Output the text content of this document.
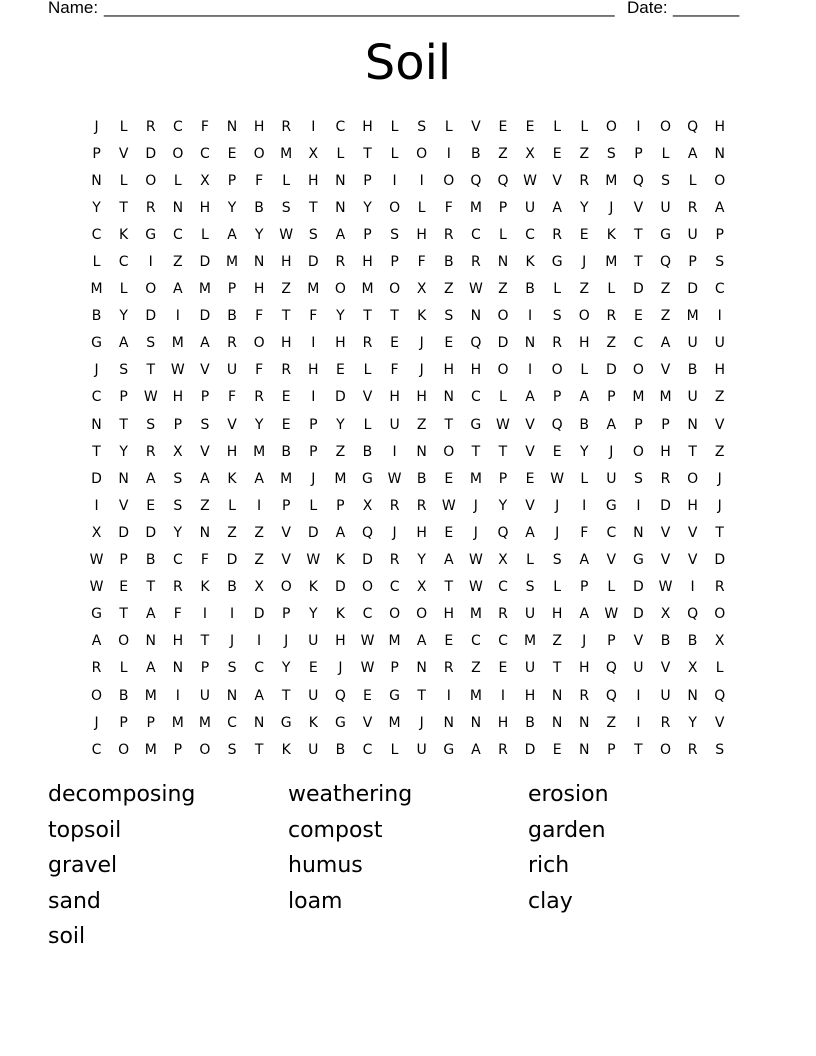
Name: ______________________________________________________ Date: _______
Soil
J	L	R	C	F	N	H	R	I	C	H	L	S	L	V	E	E	L	L	O	I	O	Q	H
P	V	D	O	C	E	O	M	X	L	T	L	O	I	B	Z	X	E	Z	S	P	L	A	N
N	L	O	L	X	P	F	L	H	N	P	I	I	O	Q	Q	W	V	R	M	Q	S	L	O
Y	T	R	N	H	Y	B	S	T	N	Y	O	L	F	M	P	U	A	Y	J	V	U	R	A
C	K	G	C	L	A	Y	W	S	A	P	S	H	R	C	L	C	R	E	K	T	G	U	P
L	C	I	Z	D	M	N	H	D	R	H	P	F	B	R	N	K	G	J	M	T	Q	P	S
M	L	O	A	M	P	H	Z	M	O	M	O	X	Z	W	Z	B	L	Z	L	D	Z	D	C
B	Y	D	I	D	B	F	T	F	Y	T	T	K	S	N	O	I	S	O	R	E	Z	M	I
G	A	S	M	A	R	O	H	I	H	R	E	J	E	Q	D	N	R	H	Z	C	A	U	U
J	S	T	W	V	U	F	R	H	E	L	F	J	H	H	O	I	O	L	D	O	V	B	H
C	P	W	H	P	F	R	E	I	D	V	H	H	N	C	L	A	P	A	P	M	M	U	Z
N	T	S	P	S	V	Y	E	P	Y	L	U	Z	T	G	W	V	Q	B	A	P	P	N	V
T	Y	R	X	V	H	M	B	P	Z	B	I	N	O	T	T	V	E	Y	J	O	H	T	Z
D	N	A	S	A	K	A	M	J	M	G	W	B	E	M	P	E	W	L	U	S	R	O	J
I	V	E	S	Z	L	I	P	L	P	X	R	R	W	J	Y	V	J	I	G	I	D	H	J
X	D	D	Y	N	Z	Z	V	D	A	Q	J	H	E	J	Q	A	J	F	C	N	V	V	T
W	P	B	C	F	D	Z	V	W	K	D	R	Y	A	W	X	L	S	A	V	G	V	V	D
W	E	T	R	K	B	X	O	K	D	O	C	X	T	W	C	S	L	P	L	D	W	I	R
G	T	A	F	I	I	D	P	Y	K	C	O	O	H	M	R	U	H	A	W	D	X	Q	O
A	O	N	H	T	J	I	J	U	H	W	M	A	E	C	C	M	Z	J	P	V	B	B	X
R	L	A	N	P	S	C	Y	E	J	W	P	N	R	Z	E	U	T	H	Q	U	V	X	L
O	B	M	I	U	N	A	T	U	Q	E	G	T	I	M	I	H	N	R	Q	I	U	N	Q
J	P	P	M	M	C	N	G	K	G	V	M	J	N	N	H	B	N	N	Z	I	R	Y	V
C	O	M	P	O	S	T	K	U	B	C	L	U	G	A	R	D	E	N	P	T	O	R	S
decomposing	weathering	erosion
topsoil	compost	garden
gravel	humus	rich
sand	loam	clay
soil
